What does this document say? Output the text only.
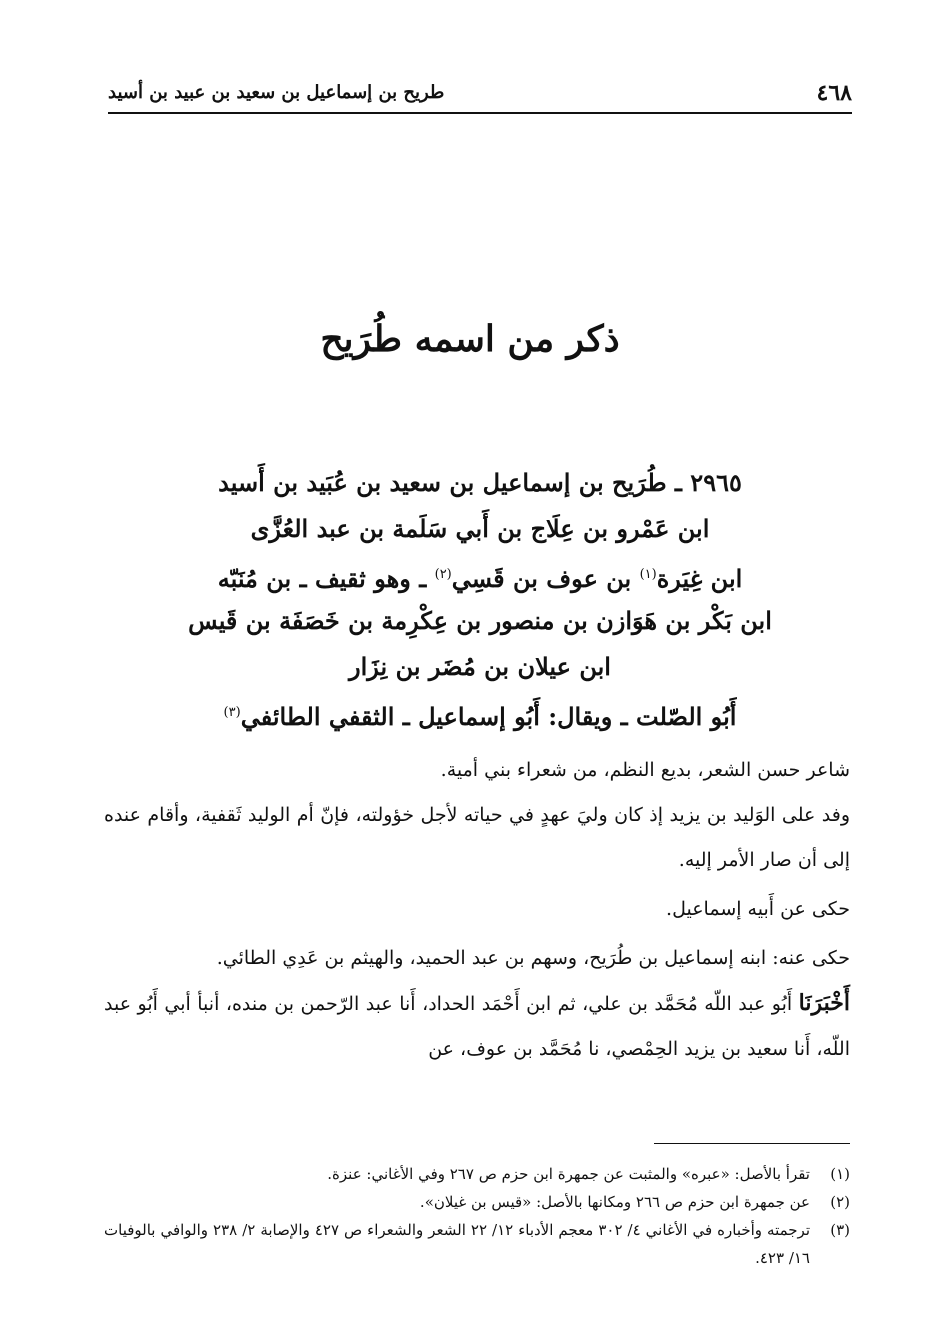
٤٦٨
طريح بن إسماعيل بن سعيد بن عبيد بن أسيد
ذكر من اسمه طُرَيح
٢٩٦٥ ـ طُرَيح بن إسماعيل بن سعيد بن عُبَيد بن أَسيد
ابن عَمْرو بن عِلَاج بن أَبي سَلَمة بن عبد العُزَّى
ابن غِيَرة$^{(١)}$ بن عوف بن قَسِي$^{(٢)}$ ـ وهو ثقيف ـ بن مُنَبّه
ابن بَكْر بن هَوَازن بن منصور بن عِكْرِمة بن خَصَفَة بن قَيس
ابن عيلان بن مُضَر بن نِزَار
أَبُو الصّلت ـ ويقال: أَبُو إسماعيل ـ الثقفي الطائفي$^{(٣)}$

شاعر حسن الشعر، بديع النظم، من شعراء بني أمية.

وفد على الوَليد بن يزيد إذ كان وليَ عهدٍ في حياته لأجل خؤولته، فإنّ أم الوليد ثَقفية، وأقام عنده إلى أن صار الأمر إليه.

حكى عن أَبيه إسماعيل.

حكى عنه: ابنه إسماعيل بن طُرَيح، وسهم بن عبد الحميد، والهيثم بن عَدِي الطائي.

أَخْبَرَنَا أَبُو عبد اللّه مُحَمَّد بن علي، ثم ابن أَحْمَد الحداد، أَنا عبد الرّحمن بن منده، أنبأ أبي أَبُو عبد اللّه، أَنا سعيد بن يزيد الحِمْصي، نا مُحَمَّد بن عوف، عن

(١)
تقرأ بالأصل: «عبره» والمثبت عن جمهرة ابن حزم ص ٢٦٧ وفي الأغاني: عنزة.
(٢)
عن جمهرة ابن حزم ص ٢٦٦ ومكانها بالأصل: «قيس بن غيلان».
(٣)
ترجمته وأخباره في الأغاني ٤/ ٣٠٢ معجم الأدباء ١٢/ ٢٢ الشعر والشعراء ص ٤٢٧ والإصابة ٢/ ٢٣٨ والوافي بالوفيات ١٦/ ٤٢٣.
